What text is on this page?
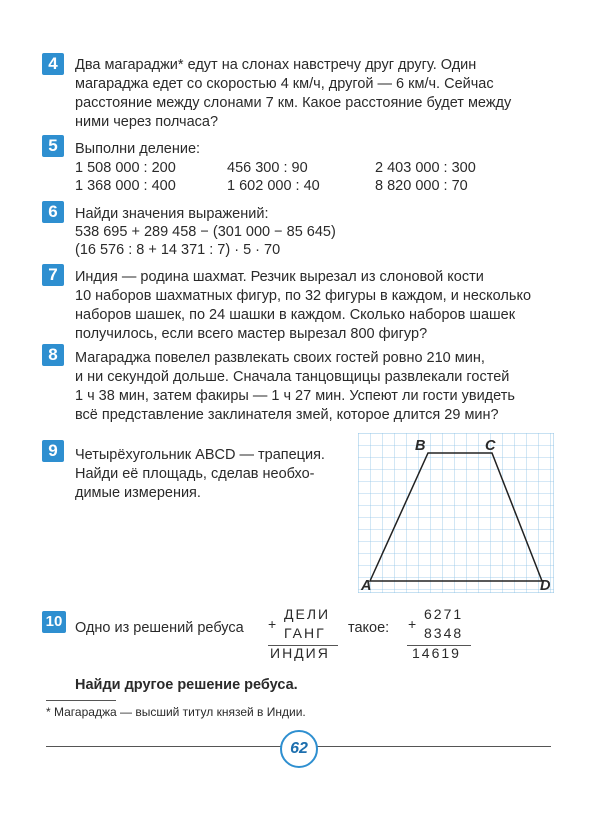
4	Два магараджи* едут на слонах навстречу друг другу. Один
магараджа едет со скоростью 4 км/ч, другой — 6 км/ч. Сейчас
расстояние между слонами 7 км. Какое расстояние будет между
ними через полчаса?
5	Выполни деление:
1 508 000 : 200	456 300 : 90	2 403 000 : 300
1 368 000 : 400	1 602 000 : 40	8 820 000 : 70
6	Найди значения выражений:
538 695 + 289 458 − (301 000 − 85 645)
(16 576 : 8 + 14 371 : 7) · 5 · 70
7	Индия — родина шахмат. Резчик вырезал из слоновой кости
10 наборов шахматных фигур, по 32 фигуры в каждом, и несколько
наборов шашек, по 24 шашки в каждом. Сколько наборов шашек
получилось, если всего мастер вырезал 800 фигур?
8	Магараджа повелел развлекать своих гостей ровно 210 мин,
и ни секундой дольше. Сначала танцовщицы развлекали гостей
1 ч 38 мин, затем факиры — 1 ч 27 мин. Успеют ли гости увидеть
всё представление заклинателя змей, которое длится 29 мин?
9	Четырёхугольник ABCD — трапеция.
Найди её площадь, сделав необхо-
димые измерения.
B	C
A	D
10 Одно из решений ребуса +
ДЕЛИ
ГАНГ
ИНДИЯ
такое: +
6271
8348
14619
Найди другое решение ребуса.
* Магараджа — высший титул князей в Индии.
62
